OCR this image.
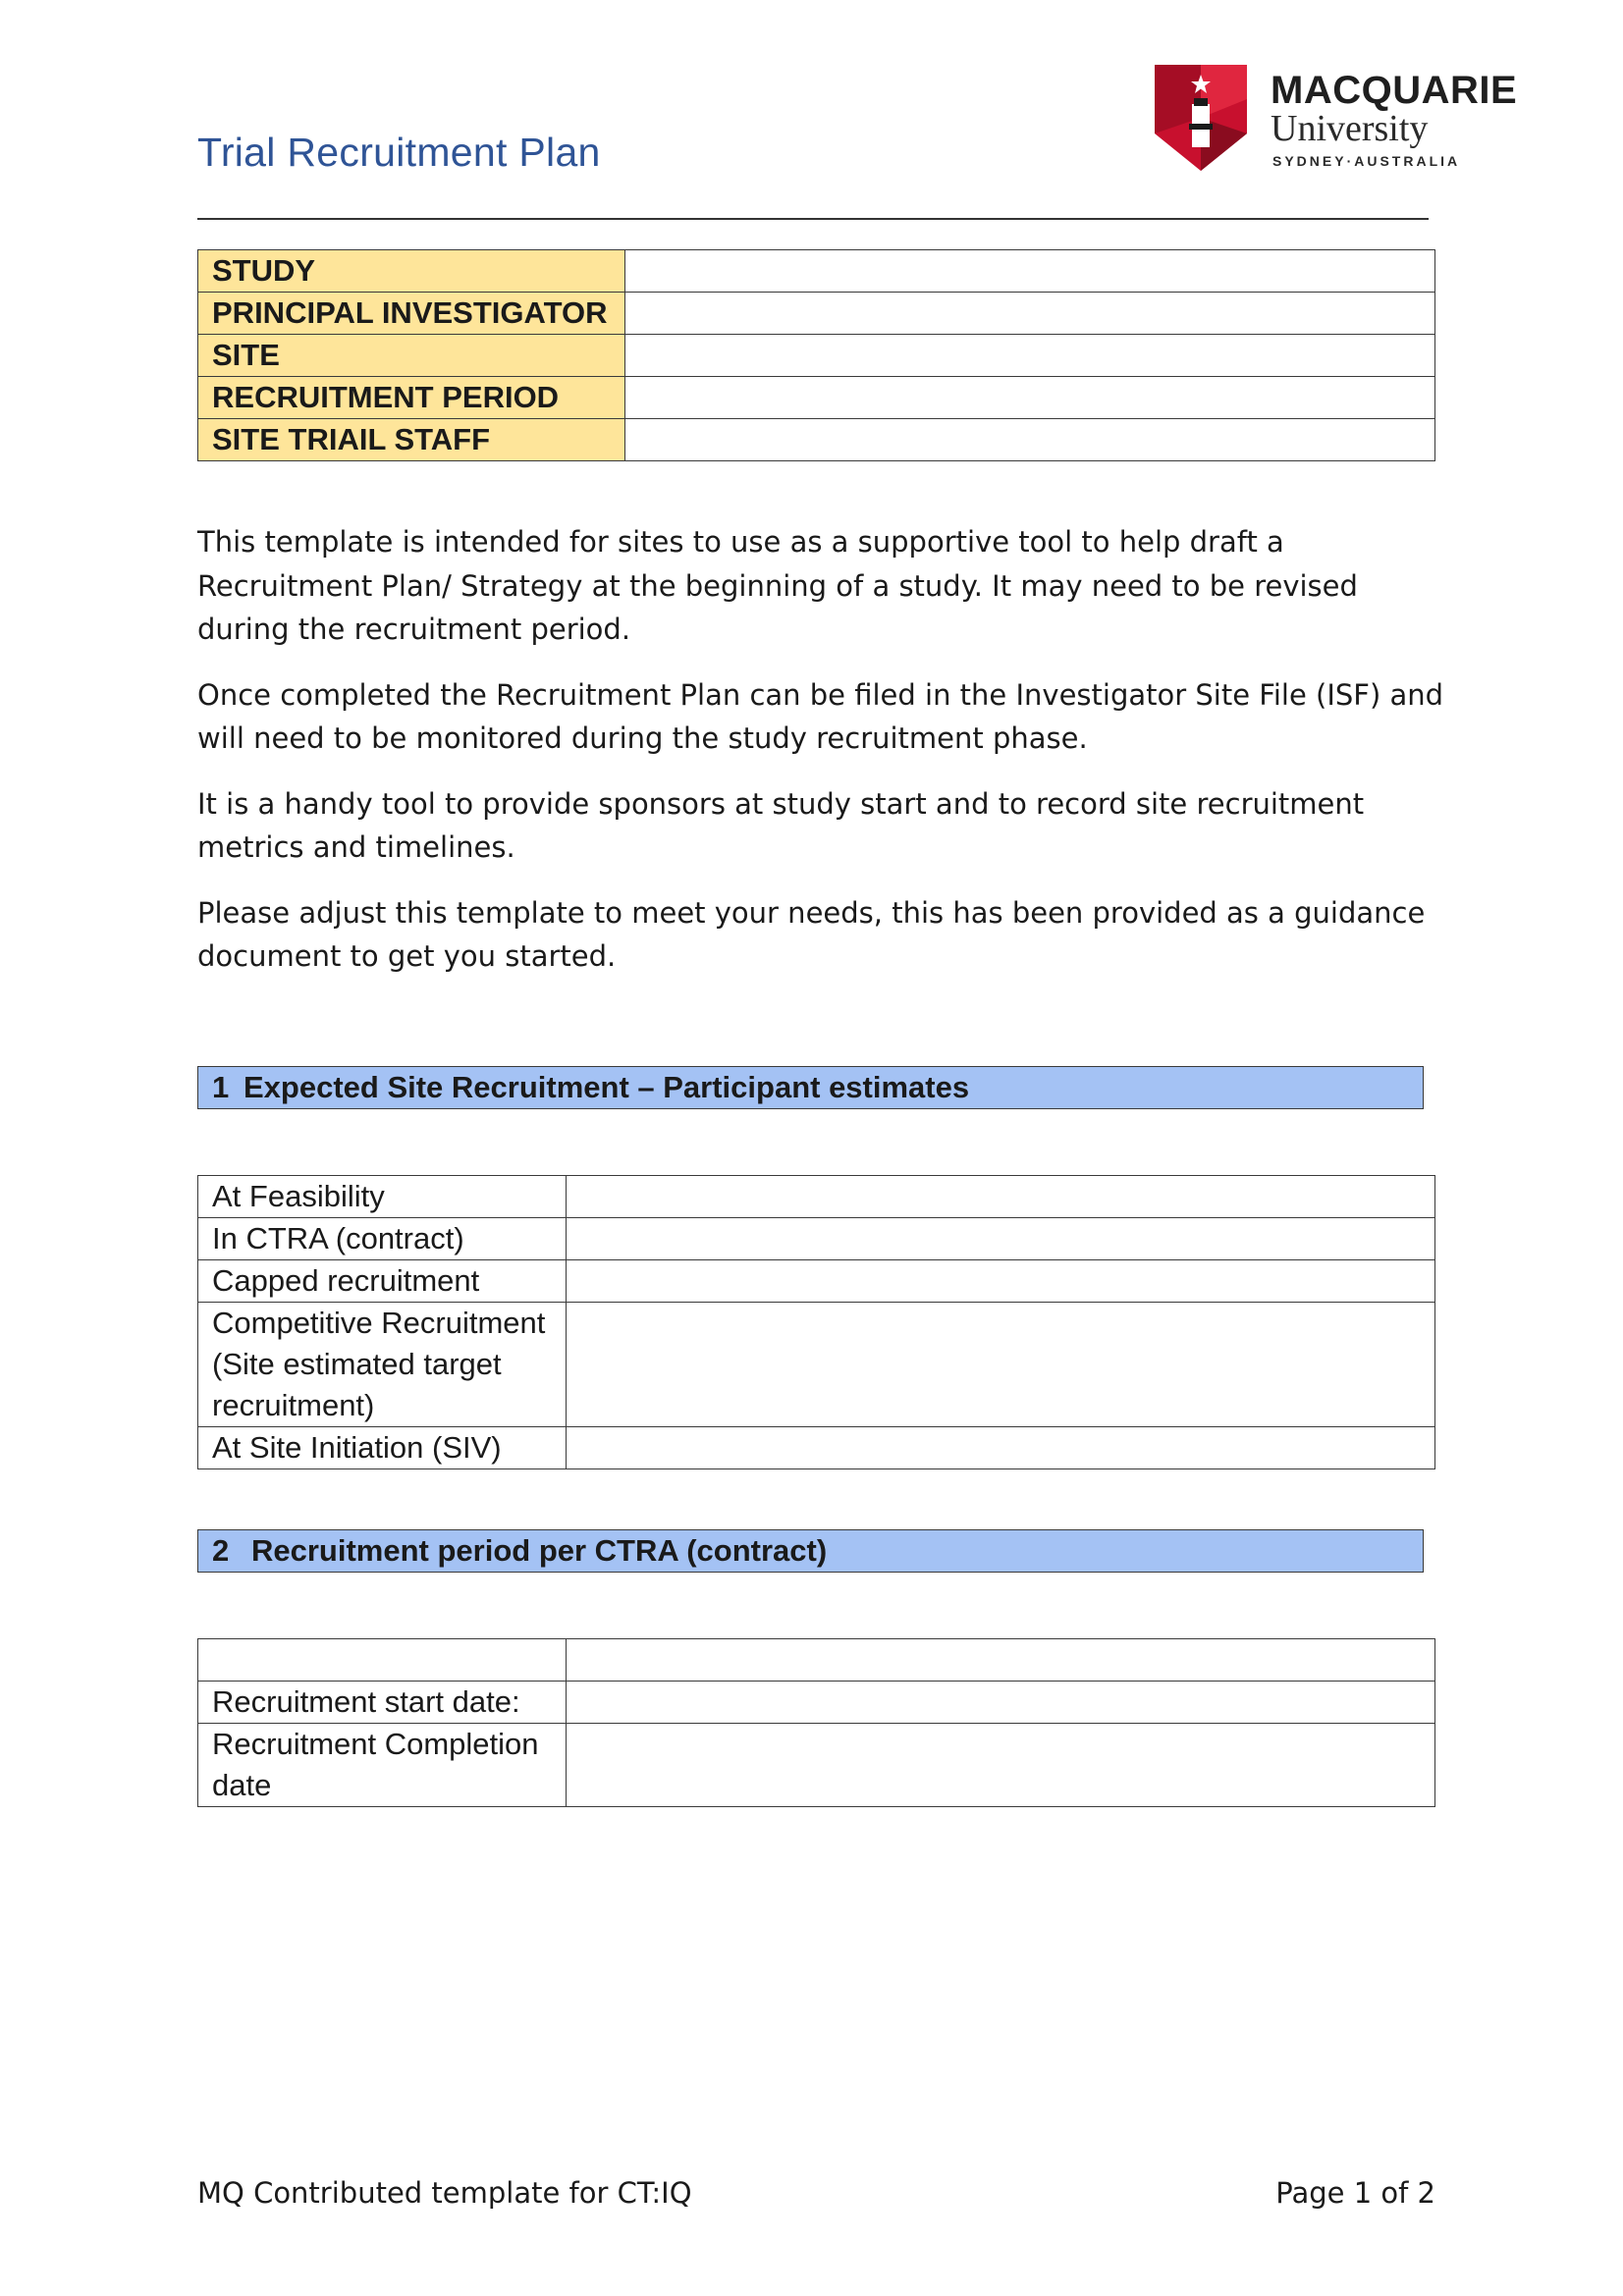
Trial Recruitment Plan
MACQUARIE
University
SYDNEY·AUSTRALIA
STUDY	
PRINCIPAL INVESTIGATOR	
SITE	
RECRUITMENT PERIOD	
SITE TRIAIL STAFF	

This template is intended for sites to use as a supportive tool to help draft a Recruitment Plan/ Strategy at the beginning of a study. It may need to be revised during the recruitment period.

Once completed the Recruitment Plan can be filed in the Investigator Site File (ISF) and will need to be monitored during the study recruitment phase.

It is a handy tool to provide sponsors at study start and to record site recruitment metrics and timelines.

Please adjust this template to meet your needs, this has been provided as a guidance document to get you started.

1 Expected Site Recruitment – Participant estimates
At Feasibility	
In CTRA (contract)	
Capped recruitment	
Competitive Recruitment (Site estimated target recruitment)	
At Site Initiation (SIV)	
2 Recruitment period per CTRA (contract)

Recruitment start date:	
Recruitment Completion date	
MQ Contributed template for CT:IQ	Page 1 of 2
